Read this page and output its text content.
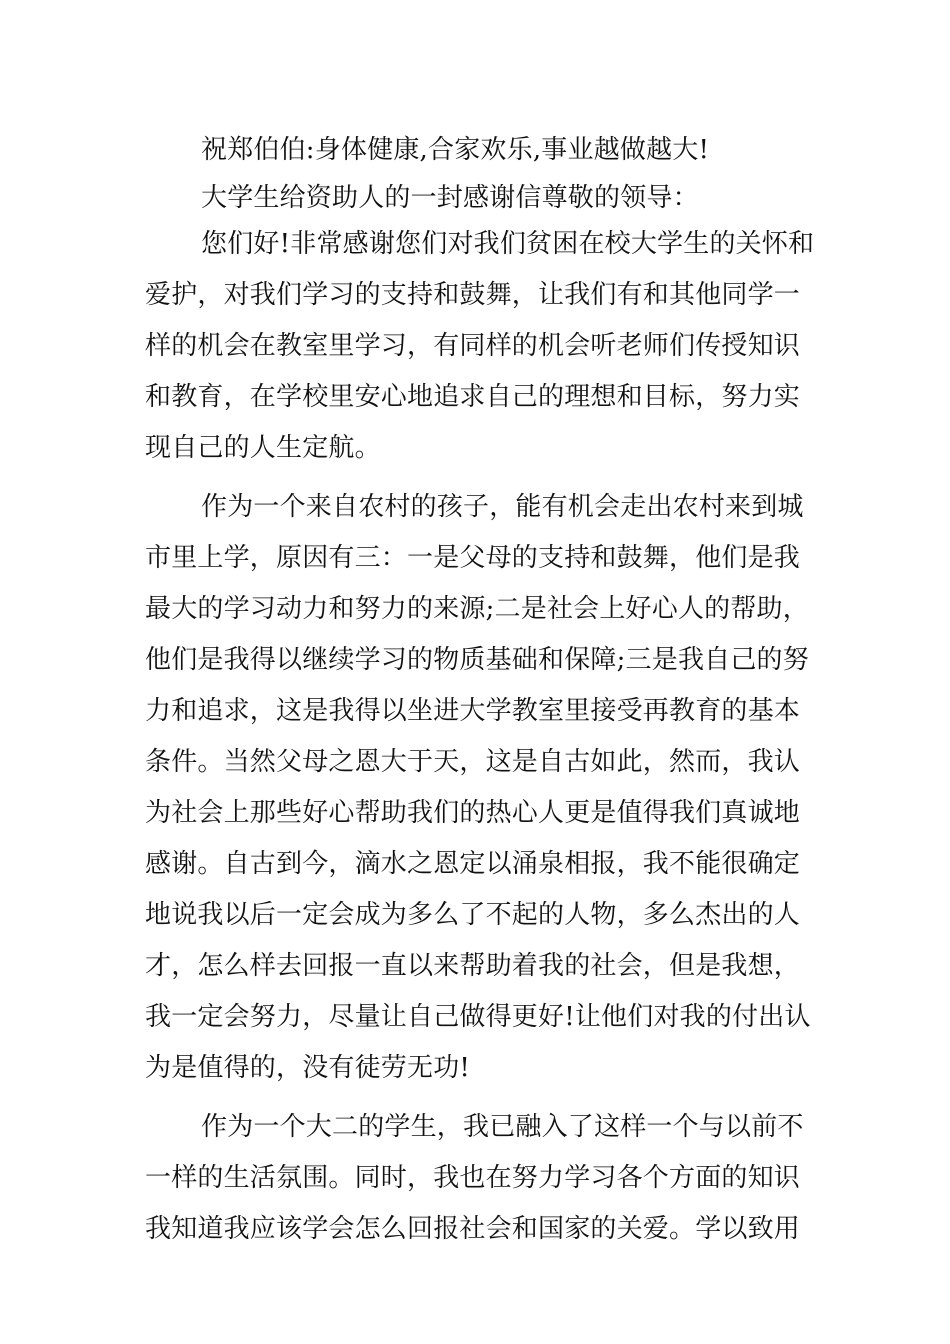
祝郑伯伯:身体健康,合家欢乐,事业越做越大!
大学生给资助人的一封感谢信尊敬的领导：
您们好!非常感谢您们对我们贫困在校大学生的关怀和
爱护，对我们学习的支持和鼓舞，让我们有和其他同学一
样的机会在教室里学习，有同样的机会听老师们传授知识
和教育，在学校里安心地追求自己的理想和目标，努力实
现自己的人生定航。
作为一个来自农村的孩子，能有机会走出农村来到城
市里上学，原因有三：一是父母的支持和鼓舞，他们是我
最大的学习动力和努力的来源;二是社会上好心人的帮助，
他们是我得以继续学习的物质基础和保障;三是我自己的努
力和追求，这是我得以坐进大学教室里接受再教育的基本
条件。当然父母之恩大于天，这是自古如此，然而，我认
为社会上那些好心帮助我们的热心人更是值得我们真诚地
感谢。自古到今，滴水之恩定以涌泉相报，我不能很确定
地说我以后一定会成为多么了不起的人物，多么杰出的人
才，怎么样去回报一直以来帮助着我的社会，但是我想，
我一定会努力，尽量让自己做得更好!让他们对我的付出认
为是值得的，没有徒劳无功!
作为一个大二的学生，我已融入了这样一个与以前不
一样的生活氛围。同时，我也在努力学习各个方面的知识
我知道我应该学会怎么回报社会和国家的关爱。学以致用
